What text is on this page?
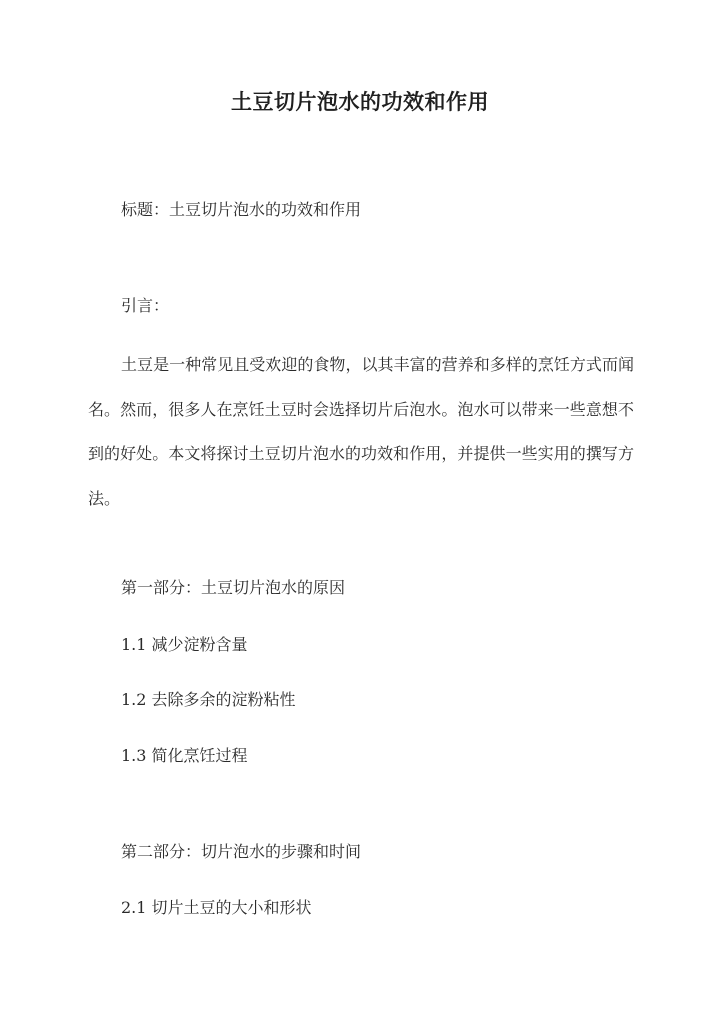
土豆切片泡水的功效和作用
标题：土豆切片泡水的功效和作用
引言：

土豆是一种常见且受欢迎的食物，以其丰富的营养和多样的烹饪方式而闻名。然而，很多人在烹饪土豆时会选择切片后泡水。泡水可以带来一些意想不到的好处。本文将探讨土豆切片泡水的功效和作用，并提供一些实用的撰写方法。

第一部分：土豆切片泡水的原因
1.1 减少淀粉含量
1.2 去除多余的淀粉粘性
1.3 简化烹饪过程
第二部分：切片泡水的步骤和时间
2.1 切片土豆的大小和形状
